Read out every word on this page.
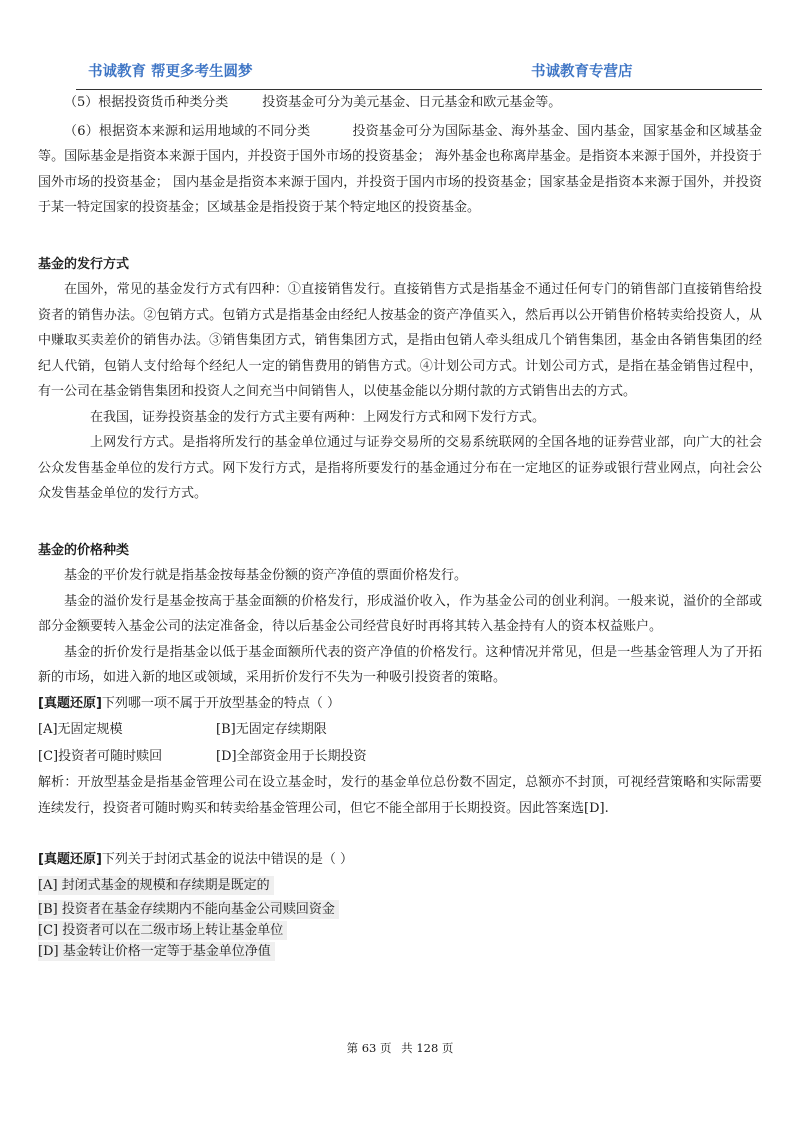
书诚教育 帮更多考生圆梦	书诚教育专营店

（5）根据投资货币种类分类	投资基金可分为美元基金、日元基金和欧元基金等。

（6）根据资本来源和运用地域的不同分类	投资基金可分为国际基金、海外基金、国内基金，国家基金和区域基金等。国际基金是指资本来源于国内，并投资于国外市场的投资基金； 海外基金也称离岸基金。是指资本来源于国外，并投资于国外市场的投资基金； 国内基金是指资本来源于国内，并投资于国内市场的投资基金；国家基金是指资本来源于国外，并投资于某一特定国家的投资基金；区域基金是指投资于某个特定地区的投资基金。

基金的发行方式

在国外，常见的基金发行方式有四种：①直接销售发行。直接销售方式是指基金不通过任何专门的销售部门直接销售给投资者的销售办法。②包销方式。包销方式是指基金由经纪人按基金的资产净值买入，然后再以公开销售价格转卖给投资人，从中赚取买卖差价的销售办法。③销售集团方式，销售集团方式，是指由包销人牵头组成几个销售集团，基金由各销售集团的经纪人代销，包销人支付给每个经纪人一定的销售费用的销售方式。④计划公司方式。计划公司方式，是指在基金销售过程中，有一公司在基金销售集团和投资人之间充当中间销售人，以使基金能以分期付款的方式销售出去的方式。

在我国，证券投资基金的发行方式主要有两种：上网发行方式和网下发行方式。

上网发行方式。是指将所发行的基金单位通过与证券交易所的交易系统联网的全国各地的证券营业部，向广大的社会公众发售基金单位的发行方式。网下发行方式，是指将所要发行的基金通过分布在一定地区的证券或银行营业网点，向社会公众发售基金单位的发行方式。

基金的价格种类

基金的平价发行就是指基金按每基金份额的资产净值的票面价格发行。

基金的溢价发行是基金按高于基金面额的价格发行，形成溢价收入，作为基金公司的创业利润。一般来说，溢价的全部或部分金额要转入基金公司的法定准备金，待以后基金公司经营良好时再将其转入基金持有人的资本权益账户。

基金的折价发行是指基金以低于基金面额所代表的资产净值的价格发行。这种情况并常见，但是一些基金管理人为了开拓新的市场，如进入新的地区或领域，采用折价发行不失为一种吸引投资者的策略。

[真题还原]下列哪一项不属于开放型基金的特点（ ）

[A]无固定规模	[B]无固定存续期限
[C]投资者可随时赎回	[D]全部资金用于长期投资

解析：开放型基金是指基金管理公司在设立基金时，发行的基金单位总份数不固定，总额亦不封顶，可视经营策略和实际需要连续发行，投资者可随时购买和转卖给基金管理公司，但它不能全部用于长期投资。因此答案选[D].

[真题还原]下列关于封闭式基金的说法中错误的是（ ）

[A] 封闭式基金的规模和存续期是既定的
[B] 投资者在基金存续期内不能向基金公司赎回资金
[C] 投资者可以在二级市场上转让基金单位
[D] 基金转让价格一定等于基金单位净值
第 63 页 共 128 页
